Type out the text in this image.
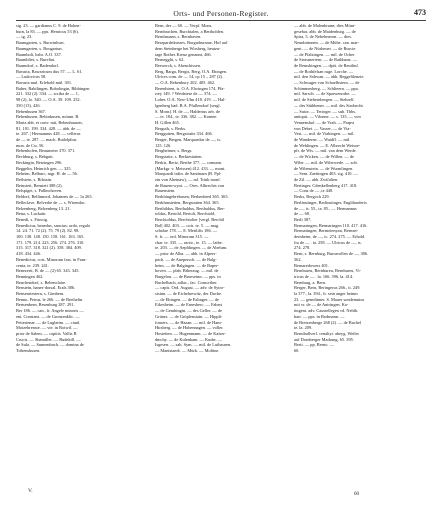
Orts- und Personen-Register.	473

sig. 23. — gardianus C. 9. de Hohen-

burn, la 83. — pps. Henricus 53 (6).

— ig. 23.

Baumgarten, s. Burwinburc.

Baumgarten, s. Bougartun.

Baumbolt, bzhr. A.O. 337.

Baumbliet, s. Bureliat.

Baumdorf, s. Badendorf.

Bavaria, Bawaricum dux 57. — L. 61.

— Ludovicus 58.

Bavaria mul. Erlebold mül. 301.

Baber, Babilingen, Bobolingin, Bibbingen

221. 332 (2). 334. — scriba de — 1,

98 (2), lo. 340. — O.A. 39. 109. 252.

350 (13). 426.

Bebenhusen 367.

Bebenhusen, Bebinhusen, mönm. B.

Maria abb. et conv. mit, Bebenhausen,

81, 101. 199. 334. 428. — abb. de —

te. 267. | Hermannus 428. — cellerar.

de — te. 287. — mach. Rudolphus

mon. de Cw. 56.

Bebenhofen, Beaumeier 370. 371.

Bechburg, s. Bebgutt.

Beckingin, Betzingen 296.

Beggelin, Heinrich gen. — 325.

Beheim, Belburc, mgr. H. de — 56.

Beilstein, s. Bilstain.

Beinstett, Bensteti 388 (2).

Belspiget, s. Pallinchoven.

Beldorf, Bellinnord, Johannes de — 1a 265.

Belleclave, Belverbe de — s. Wisendac.

Belzenberg, Belzenberg 13. 21.

Bena, s. Luckatir.

Benedi, s. Frincig.

Benedictus, benedus, sanctus; ordo, regula

14. 24. 71. 72 (2). 75. 79 (2). 82. 98.

100. 138. 148. 150. 158. 161. 163. 165.

171. 179. 214. 223. 256. 274. 276. 310.

315. 317. 318. 321 (2). 358. 384. 409.

418. 434. 446.

Benedictus, cois. Minorum fras. in Fran-

cenia, te. 239. 241.

Benezerit, B. de — (2) 65. 343. 345.

Benningen 462.

Benchendorf, s. Bebenclaire.

Benstein, hanes-dorsal, Erals 386.

Bensenriestern, s. Gimbern.

Benno, Petrus, le 266. — de Brethelin.

Bensenbern, Besenburg 287. 291.

Ber 186. — can., fr. Angele minoris —

ent. Constant. — de Gronzenklic. —

Pettertenar. — de Lugbeim. — ciunl.

Motzebrenste. — vie. in Rotwil. —

prior de Salem. — capitis. Vallis B

Crucis. — Sbamiller. — Budekill. —

de Sula. — Sunnenbuch. — domina de

Tribenshusen.

Bern, der — 60. — Verpf. Mons.

Bernbrachen, Burchtalen, a Bertholden.

Bernhausen, s. Bernhaven.

Berzpardrdrasses, Borgadrursme, Hof auf

dem Steinberge bei Wirsberg, heutzu-

tage Rothes Kreuz genannt, 466.

Bernegghi, s. 62.

Berwerck, s. Abenchissen.

Berg, Barga, Bergis, Berg, O.A. Ehingen.

Ulrices com. de — 14, cp 15 ., 287 (2).

— O.A. Rebenbury 202. 405. 462.

Berenbiren, is. O.A. Elwingen 174. Pfa-

rrey 149. ? Weidstese de — 374. —

Loher. O.A. New-Ulm 418. 419. — Hal-

lgenberg bad. B.A. Pfullendorf [sergl.

S. Mons]. H. de —, Halderius arb. de

— te. 184., te. 336. 382. — Konten

H. Gillen 465.

Berguth, s. Berks.

Berggutten, Bergstraite 334. 466.

Berger, Bergen, Marquardus de —, is.

125. 126.

Bergheimer, s. Bergs.

Bergstatte, s. Berkiestatten.

Berkis, Bertz, Berthe 377. — comunn.

(Markgr. v. Meissen) 412. 433. — mont.

Marquardi infin. de Santinarn (B. Ppl-

zin von Aheinaw), — nd. Trink monf.

de Rauencwynt. — Ores. Albrechts von

Rauenstein.

Berkhingebrebusen, Berhenbred 365. 365.

Berkhmstetten, Bergstatten 364. 365.

Berthildus, Berthaldus, Berthaldus, Ber-

toldus, Bertold, Bertolt, Berchtold,

Berchtoldus, Berchtolter [vergl. Berchtl

Bal] 402. 403. — cois. te. 5. — mag.

scholae 178. — E. Mettlifis 186. —

S. fr. — ord. Minorum 315. —

cbar. te. 335. — ractir., te. 15. — laibe.

te. 203. — de Aephlingen. — de Abelum.

— prior de Alba. — abb. in Alpers-

pach. — de Anepersch. — de Balg-

heim. — de Balgingen. — de Baper-

hoven. — plab. Biberaug. — mil. de

Burgelon. — de Brueseinn. — pps. in

Buchelbach, adlac., fac. Conscriber.

— capis. Ord. August. — adv. de Sytro-

stsinn. — de Eichehrewitz, der Duche.

— de Ehingen. — de Eslinger. — de

Eikesheim. — de Ernesberc. — Fabert

— de Gembingin. — des Geller. — de

Grüner. — de Gröplenstain. — Hippli-

fonsers. — de Hazan. — mil. de Ham-

Hirsberg. — de Hohennagen. — voller.

Hostetten. — Hugenmann. — de Kaiser-

dmchy. — de Kulenkam. — Kuder. —

Isgesen. — sah. Sym. — mil. de Lutbauren.

— Mantstaedt. — Mürk. — Moltine.

— abb. de Malenbrunn; dies Münt-

gesebar, abb. de Maidenburg. — de

Spira, 5. de Nebelmeron. — dies.

Neunbrünnen. — de Mühe. can. mar-

gent. — de Nüsheuer. — de Ruscie.

— de Pfalzingen. — mil. de Ocher

de Strasmertern. — de Rathbanz. —

de Remshingen. — dpöt. de Reutlinf.

— de Rothfelsan ruge. Lorche. —

mil. den Sohwan. — abb. Reggeltlenzie.

— Schwager von Schaefhstern. — de

Schimmesberg. — Schlieern. — ppa.

mil. Sarsch. — de Sparwenorbe. —

mil. de Stehernbergen. — Stehrelf.

— des Stühbener. — mil. des Strobecht.

— Sutor. — Tertoger. — sub. Thbs.

antiquit. — Vilonne. — s. 135. — von

Vennenshof. — de Vrah. — Prapst

von Debet. — Vasser. — de Via-

Vest. — mil. de Viabingen. — mil.

de Wanderne. — Waidfl. — mil.

de Wehlingen. — E. Albrecht Weisoe-

pfr. de Wis. — mil. van dem Werde.

— de Wicken. — de Willen. — de

Wiler. — mil. de Wilerwede. — sob.

de Wilenstein. — de Wurmlingen.

— Sem. Zaettingen 403. sig. 410. —

de Zil. — abb. Zwifalten.

Bertinger, Cdenkellenberg 417. 418.

— Conz de — ,te 440.

Berks, Bergoch 229.

Berlinstinger, Berlinstinger, Engliharderts

de —, is. 55., ta. 85., — Hermannus

de — 68.

Berli 387.

Bermaringen, Bermaringen 110. 417. 416.

Bermatingen, Bermetenyan, Bermet-

dernheim, de —, tc. 274. 275. — Erhold.

fra de — . ta. 258. — Ulricus de —, is.

274. 278.

Bern, s. Bernburg, Burravollen de —, 386.

562.

Bernaredowers 401.

Bernbureu, Bernbureu, Bernbureu, Vi-

tricus de — . la. 166. 396. la. 414.

Bernburg, a. Bern.

Berger, Bern, Beringerus 266., tt. 249.

la 377., la. 394., fr. sein anger heinm

23. — gemdinner. S. Mauer sondemnius

mit vr. de — de Antringen. Ka-

tingent. adv. Caustellegen vd. Nehlh.

bart. — pps. in Bodmann. —

de Bretzenberge 268 (2). — de Buchel

te. la. 209.

Bernthallverl. cenaltyr. abeyg. Weiler

auf Dornberger Markung, 65. 395.

Berti. — pp. Berno. —

60.

V.
60
